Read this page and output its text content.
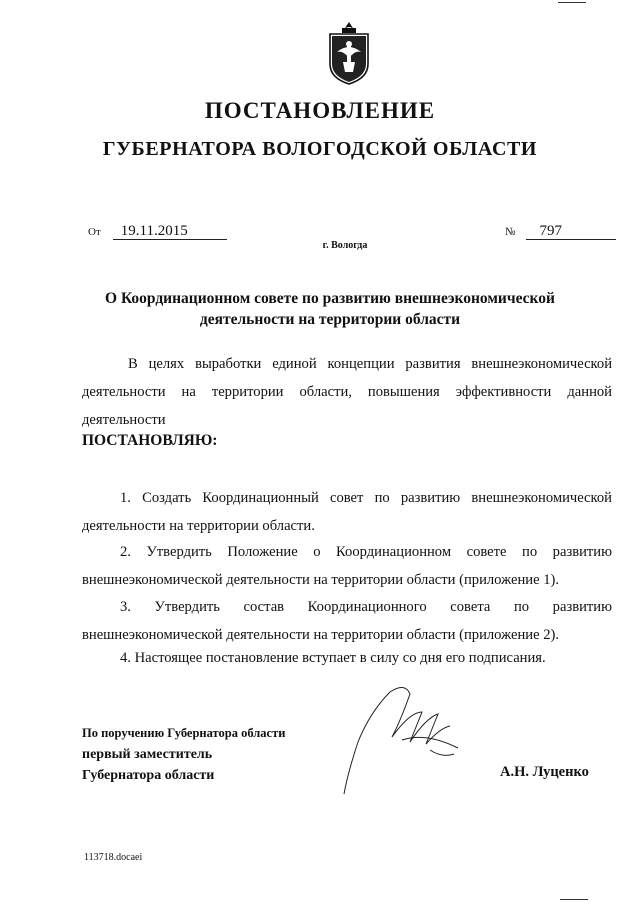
ПОСТАНОВЛЕНИЕ
ГУБЕРНАТОРА ВОЛОГОДСКОЙ ОБЛАСТИ
От 19.11.2015	№ 797
г. Вологда
О Координационном совете по развитию внешнеэкономической
деятельности на территории области
В целях выработки единой концепции развития внешнеэкономической деятельности на территории области, повышения эффективности данной деятельности
ПОСТАНОВЛЯЮ:
1. Создать Координационный совет по развитию внешнеэкономической деятельности на территории области.
2. Утвердить Положение о Координационном совете по развитию внешнеэкономической деятельности на территории области (приложение 1).
3. Утвердить состав Координационного совета по развитию внешнеэкономической деятельности на территории области (приложение 2).
4. Настоящее постановление вступает в силу со дня его подписания.
По поручению Губернатора области
первый заместитель
Губернатора области	А.Н. Луценко
113718.docaei
